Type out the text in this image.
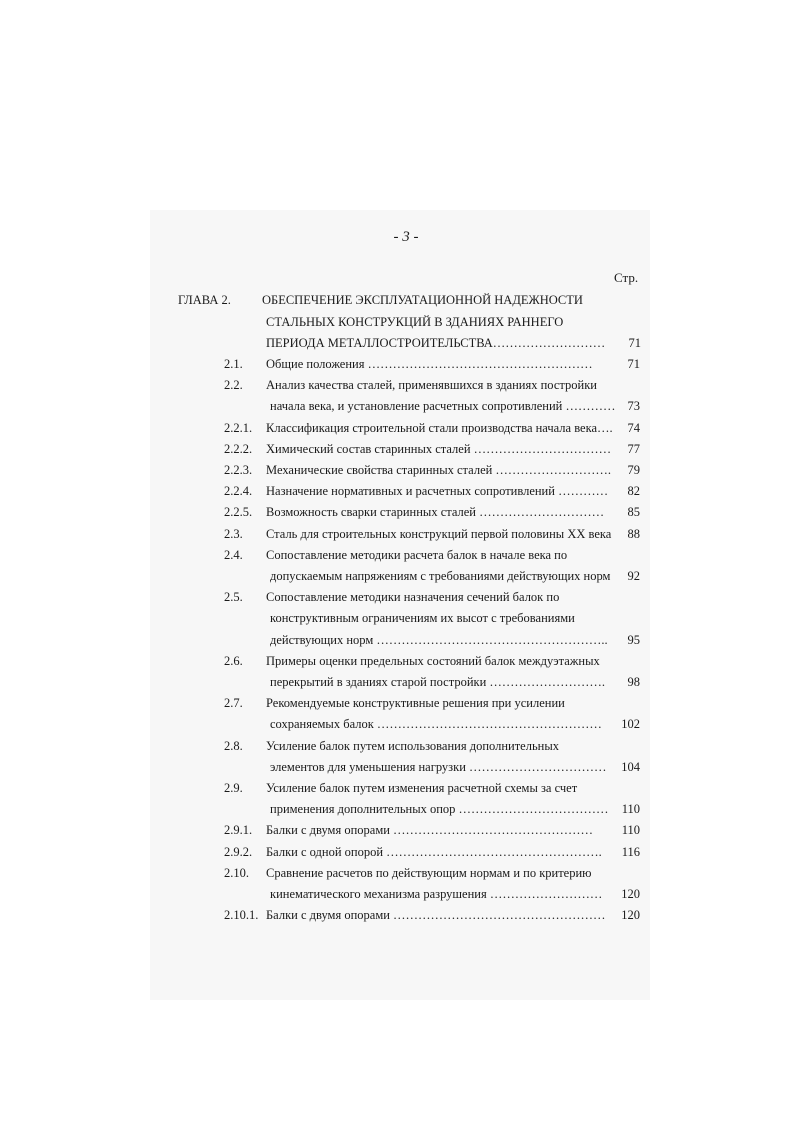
- 3 -
Стр.
ГЛАВА 2. ОБЕСПЕЧЕНИЕ ЭКСПЛУАТАЦИОННОЙ НАДЕЖНОСТИ
СТАЛЬНЫХ КОНСТРУКЦИЙ В ЗДАНИЯХ РАННЕГО
ПЕРИОДА МЕТАЛЛОСТРОИТЕЛЬСТВА………………………	71
2.1. Общие положения ………………………………………………	71
2.2. Анализ качества сталей, применявшихся в зданиях постройки
начала века, и установление расчетных сопротивлений ………… 73
2.2.1. Классификация строительной стали производства начала века….	74
2.2.2. Химический состав старинных сталей ……………………………	77
2.2.3. Механические свойства старинных сталей ……………………….	79
2.2.4. Назначение нормативных и расчетных сопротивлений …………	82
2.2.5. Возможность сварки старинных сталей …………………………	85
2.3. Сталь для строительных конструкций первой половины XX века	88
2.4. Сопоставление методики расчета балок в начале века по
допускаемым напряжениям с требованиями действующих норм	92
2.5. Сопоставление методики назначения сечений балок по
конструктивным ограничениям их высот с требованиями
действующих норм ………………………………………………..	95
2.6. Примеры оценки предельных состояний балок междуэтажных
перекрытий в зданиях старой постройки ……………………….	98
2.7. Рекомендуемые конструктивные решения при усилении
сохраняемых балок ………………………………………………	102
2.8. Усиление балок путем использования дополнительных
элементов для уменьшения нагрузки ……………………………	104
2.9. Усиление балок путем изменения расчетной схемы за счет
применения дополнительных опор ………………………………	110
2.9.1. Балки с двумя опорами …………………………………………	110
2.9.2. Балки с одной опорой …………………………………………….	116
2.10. Сравнение расчетов по действующим нормам и по критерию
кинематического механизма разрушения ………………………	120
2.10.1. Балки с двумя опорами ……………………………………………	120
